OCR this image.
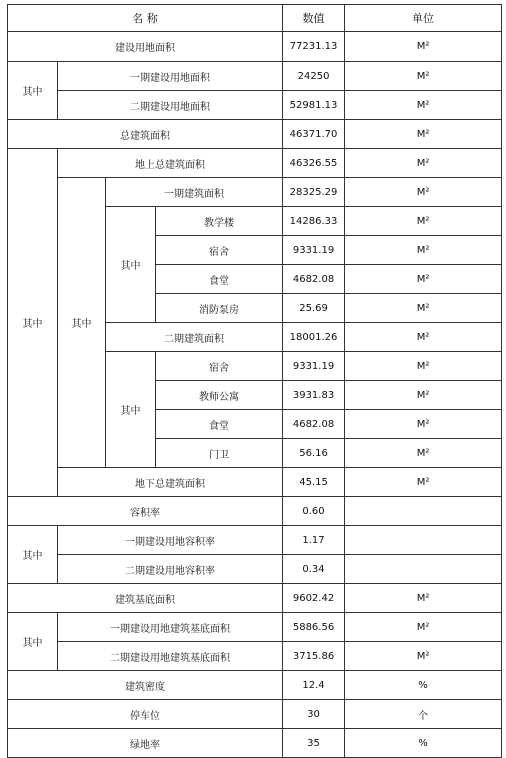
名 称				数值	单位	
建设用地面积				77231.13	M²	
其中	一期建设用地面积			24250	M²	
	二期建设用地面积			52981.13	M²	
总建筑面积				46371.70	M²	
其中	地上总建筑面积			46326.55	M²	
	其中	一期建筑面积		28325.29	M²	
		其中	教学楼	14286.33	M²	
			宿舍	9331.19	M²	
			食堂	4682.08	M²	
			消防泵房	25.69	M²	
		二期建筑面积		18001.26	M²	
		其中	宿舍	9331.19	M²	
			教师公寓	3931.83	M²	
			食堂	4682.08	M²	
			门卫	56.16	M²	
	地下总建筑面积			45.15	M²	
容积率				0.60		
其中	一期建设用地容积率			1.17		
	二期建设用地容积率			0.34		
建筑基底面积				9602.42	M²	
其中	一期建设用地建筑基底面积			5886.56	M²	
	二期建设用地建筑基底面积			3715.86	M²	
建筑密度				12.4	%	
停车位				30	个	
绿地率				35	%	
